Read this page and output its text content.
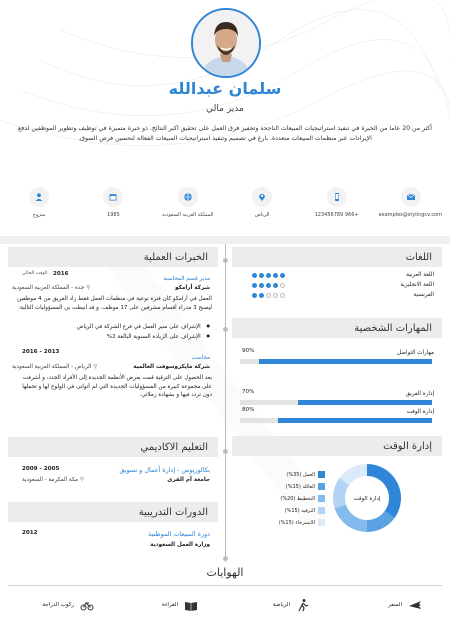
سلمان عبدالله
مدير مالي
أكثر من 20 عاما من الخبرة في تنفيذ استراتيجيات المبيعات الناجحة وتحفيز فرق العمل على تحقيق اكبر النتائج. ذو خبرة متميزة في توظيف وتطوير الموظفين لدفع الإيرادات عبر منظمات المبيعات متعددة. بارع في تصميم وتنفيذ استراتيجيات المبيعات الفعالة لتحسين فرص السوق.
examples@stylingcv.com
+966 123456789
الرياض
المملكة العربية السعودية
1985
متزوج
الخبرات العملية
2016
الوقت الحالي
مدير قسم المحاسبة
شركة أرامكو
⚲ جدة - المملكة العربية السعودية
العمل في أرامكو كان فترة نوعية في منظمات العمل فقط زاد الفريق من 4 موظفين ليصبح 3 مدراء أقسام مشرفين على 17 موظف. و قد أنيطت بي المسؤوليات التالية:
● الإشراف على سير العمل في فرع الشركة في الرياض
● الإشراف على الزيادة السنوية البالغة 2%
2013 - 2016
محاسب
شركة مايكروسوفت العالمية
⚲ الرياض - المملكة العربية السعودية
بعد الحصول على الترقية قمت بعرض الأنظمة الجديدة إلى الأفراد الجدد، و أشرفت على مجموعة كبيرة من المسؤوليات الجديدة التي لم أتوانى في الولوج لها و تحملها دون تردد فيها و بشهادة زملائي.
التعليم الاكاديمي
2005 - 2009	بكالوريوس - إدارة أعمال و تسويق
جامعة أم القرى
⚲ مكة المكرمة - السعودية
الدورات التدريبية
2012	دورة المبيعات الموطنية
وزارة العمل السعودية
اللغات
اللغة العربية
اللغة الانجليزية
الفرنسية
المهارات الشخصية
مهارات التواصل
90%
إدارة الفريق
70%
إدارة الوقت
80%
إدارة الوقت
العمل (35%)
العائلة (15%)
التخطيط (20%)
الترفيه (15%)
الاسترخاء (15%)
إدارة الوقت
الهوايات
السفر
الرياضة
القراءة
ركوب الدراجة
